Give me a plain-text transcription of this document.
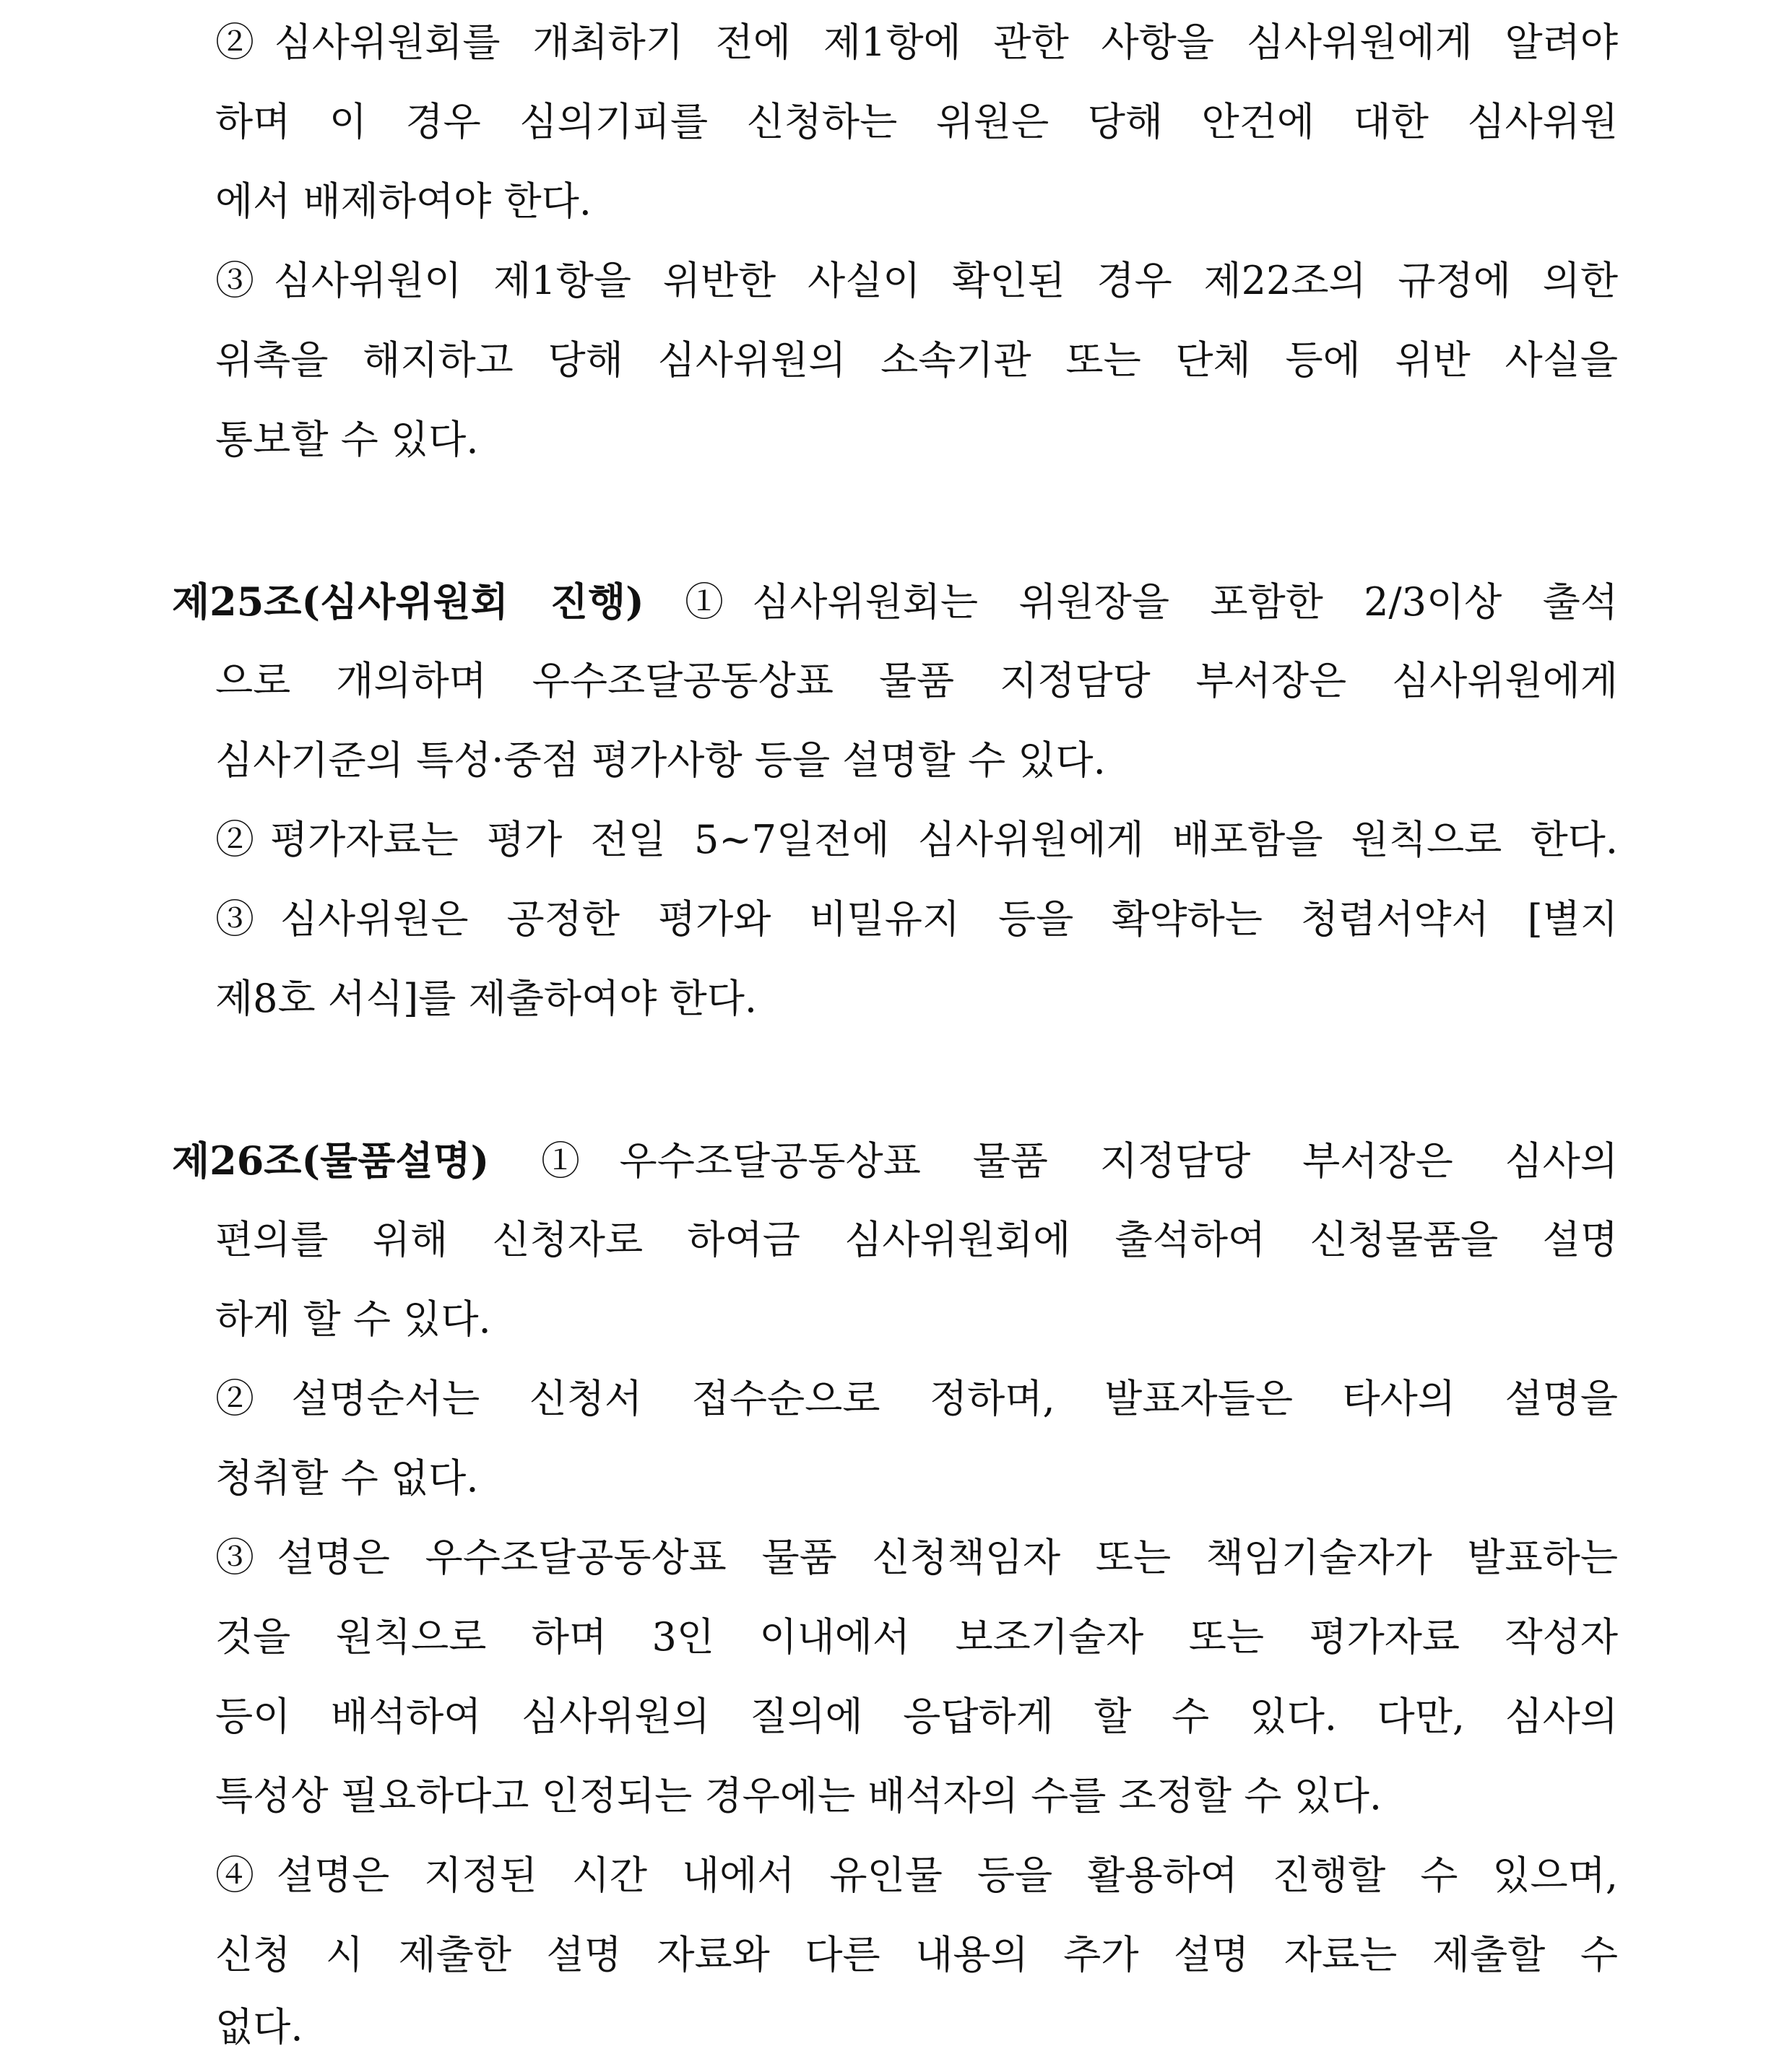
②심사위원회를 개최하기 전에 제1항에 관한 사항을 심사위원에게 알려야
하며 이 경우 심의기피를 신청하는 위원은 당해 안건에 대한 심사위원
에서 배제하여야 한다.
③심사위원이 제1항을 위반한 사실이 확인된 경우 제22조의 규정에 의한
위촉을 해지하고 당해 심사위원의 소속기관 또는 단체 등에 위반 사실을
통보할 수 있다.
제25조(심사위원회 진행) ①심사위원회는 위원장을 포함한 2/3이상 출석
으로 개의하며 우수조달공동상표 물품 지정담당 부서장은 심사위원에게
심사기준의 특성·중점 평가사항 등을 설명할 수 있다.
②평가자료는 평가 전일 5~7일전에 심사위원에게 배포함을 원칙으로 한다.
③심사위원은 공정한 평가와 비밀유지 등을 확약하는 청렴서약서 [별지
제8호 서식]를 제출하여야 한다.
제26조(물품설명) ①우수조달공동상표 물품 지정담당 부서장은 심사의
편의를 위해 신청자로 하여금 심사위원회에 출석하여 신청물품을 설명
하게 할 수 있다.
②설명순서는 신청서 접수순으로 정하며, 발표자들은 타사의 설명을
청취할 수 없다.
③설명은 우수조달공동상표 물품 신청책임자 또는 책임기술자가 발표하는
것을 원칙으로 하며 3인 이내에서 보조기술자 또는 평가자료 작성자
등이 배석하여 심사위원의 질의에 응답하게 할 수 있다. 다만, 심사의
특성상 필요하다고 인정되는 경우에는 배석자의 수를 조정할 수 있다.
④설명은 지정된 시간 내에서 유인물 등을 활용하여 진행할 수 있으며,
신청 시 제출한 설명 자료와 다른 내용의 추가 설명 자료는 제출할 수
없다.
